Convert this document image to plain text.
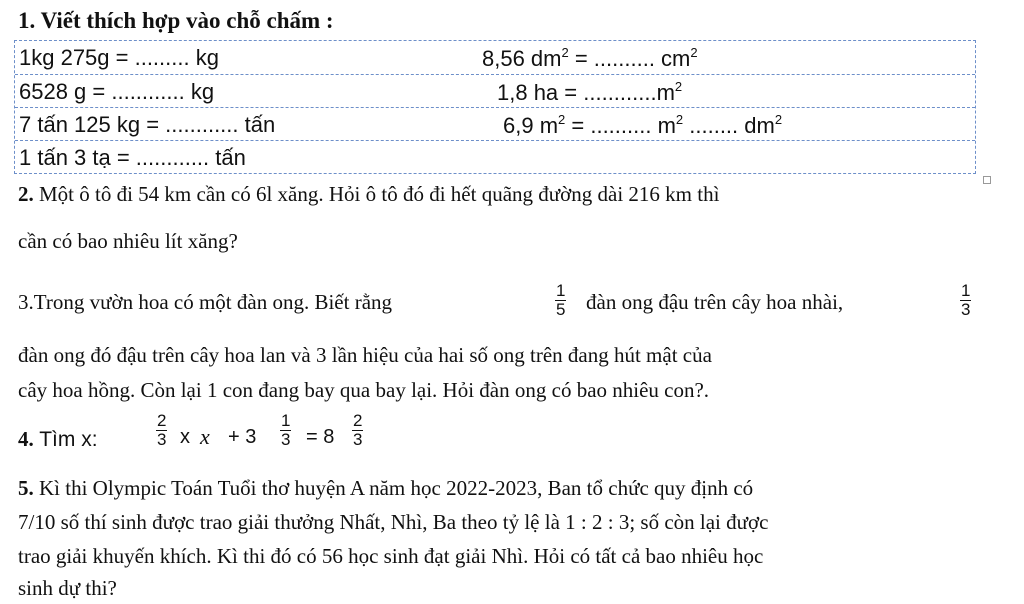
1. Viết thích hợp vào chỗ chấm :
1kg 275g = ......... kg	8,56 $dm^2$ = .......... $cm^2$
6528 g = ............ kg	1,8 ha = $............m^2$
7 tấn 125 kg = ............ tấn	6,9 $m^2$ = .......... $m^2$ ........ $dm^2$
1 tấn 3 tạ = ............ tấn
2. Một ô tô đi 54 km cần có 6l xăng. Hỏi ô tô đó đi hết quãng đường dài 216 km thì
cần có bao nhiêu lít xăng?
3.Trong vườn hoa có một đàn ong. Biết rằng	$\frac{1}{5}$ đàn ong đậu trên cây hoa nhài,	$\frac{1}{3}$
đàn ong đó đậu trên cây hoa lan và 3 lần hiệu của hai số ong trên đang hút mật của
cây hoa hồng. Còn lại 1 con đang bay qua bay lại. Hỏi đàn ong có bao nhiêu con?.
4. Tìm x:	$\frac{2}{3}$ x $x + 3 \frac{1}{3} = 8 \frac{2}{3}$
5. Kì thi Olympic Toán Tuổi thơ huyện A năm học 2022-2023, Ban tổ chức quy định có
7/10 số thí sinh được trao giải thưởng Nhất, Nhì, Ba theo tỷ lệ là 1 : 2 : 3; số còn lại được
trao giải khuyến khích. Kì thi đó có 56 học sinh đạt giải Nhì. Hỏi có tất cả bao nhiêu học
sinh dự thi?
